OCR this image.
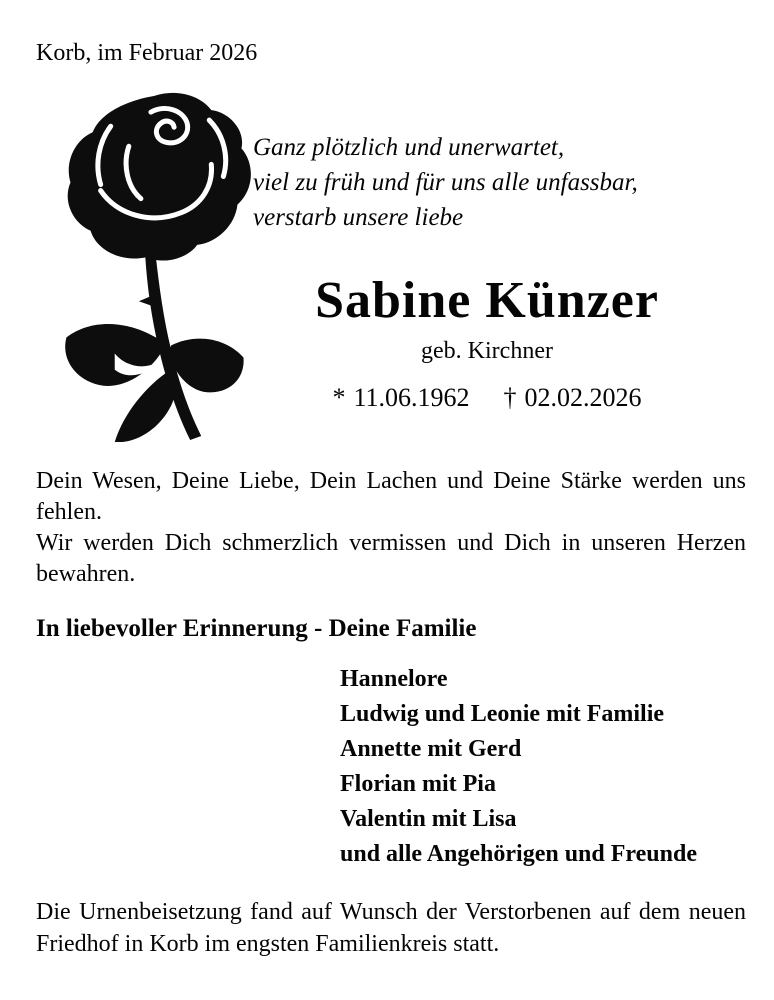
Korb, im Februar 2026
Ganz plötzlich und unerwartet,
viel zu früh und für uns alle unfassbar,
verstarb unsere liebe
Sabine Künzer
geb. Kirchner
* 11.06.1962 † 02.02.2026

Dein Wesen, Deine Liebe, Dein Lachen und Deine Stärke werden uns fehlen.

Wir werden Dich schmerzlich vermissen und Dich in unseren Herzen bewahren.

In liebevoller Erinnerung - Deine Familie
Hannelore
Ludwig und Leonie mit Familie
Annette mit Gerd
Florian mit Pia
Valentin mit Lisa
und alle Angehörigen und Freunde

Die Urnenbeisetzung fand auf Wunsch der Verstorbenen auf dem neuen Friedhof in Korb im engsten Familienkreis statt.
